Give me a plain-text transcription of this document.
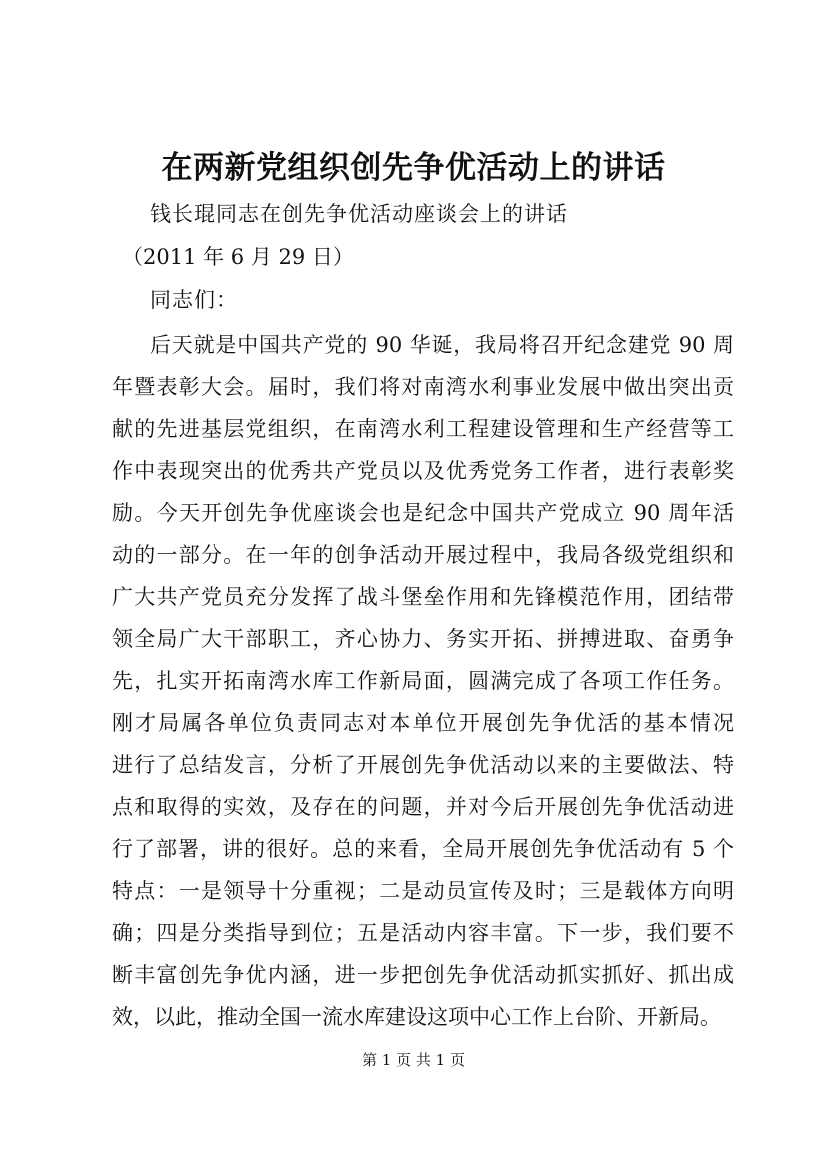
在两新党组织创先争优活动上的讲话

钱长琨同志在创先争优活动座谈会上的讲话

（2011 年 6 月 29 日）

同志们：

后天就是中国共产党的 90 华诞，我局将召开纪念建党 90 周
年暨表彰大会。届时，我们将对南湾水利事业发展中做出突出贡
献的先进基层党组织，在南湾水利工程建设管理和生产经营等工
作中表现突出的优秀共产党员以及优秀党务工作者，进行表彰奖
励。今天开创先争优座谈会也是纪念中国共产党成立 90 周年活
动的一部分。在一年的创争活动开展过程中，我局各级党组织和
广大共产党员充分发挥了战斗堡垒作用和先锋模范作用，团结带
领全局广大干部职工，齐心协力、务实开拓、拼搏进取、奋勇争
先，扎实开拓南湾水库工作新局面，圆满完成了各项工作任务。
刚才局属各单位负责同志对本单位开展创先争优活的基本情况
进行了总结发言，分析了开展创先争优活动以来的主要做法、特
点和取得的实效，及存在的问题，并对今后开展创先争优活动进
行了部署，讲的很好。总的来看，全局开展创先争优活动有 5 个
特点：一是领导十分重视；二是动员宣传及时；三是载体方向明
确；四是分类指导到位；五是活动内容丰富。下一步，我们要不
断丰富创先争优内涵，进一步把创先争优活动抓实抓好、抓出成
效，以此，推动全国一流水库建设这项中心工作上台阶、开新局。

第 1 页 共 1 页
